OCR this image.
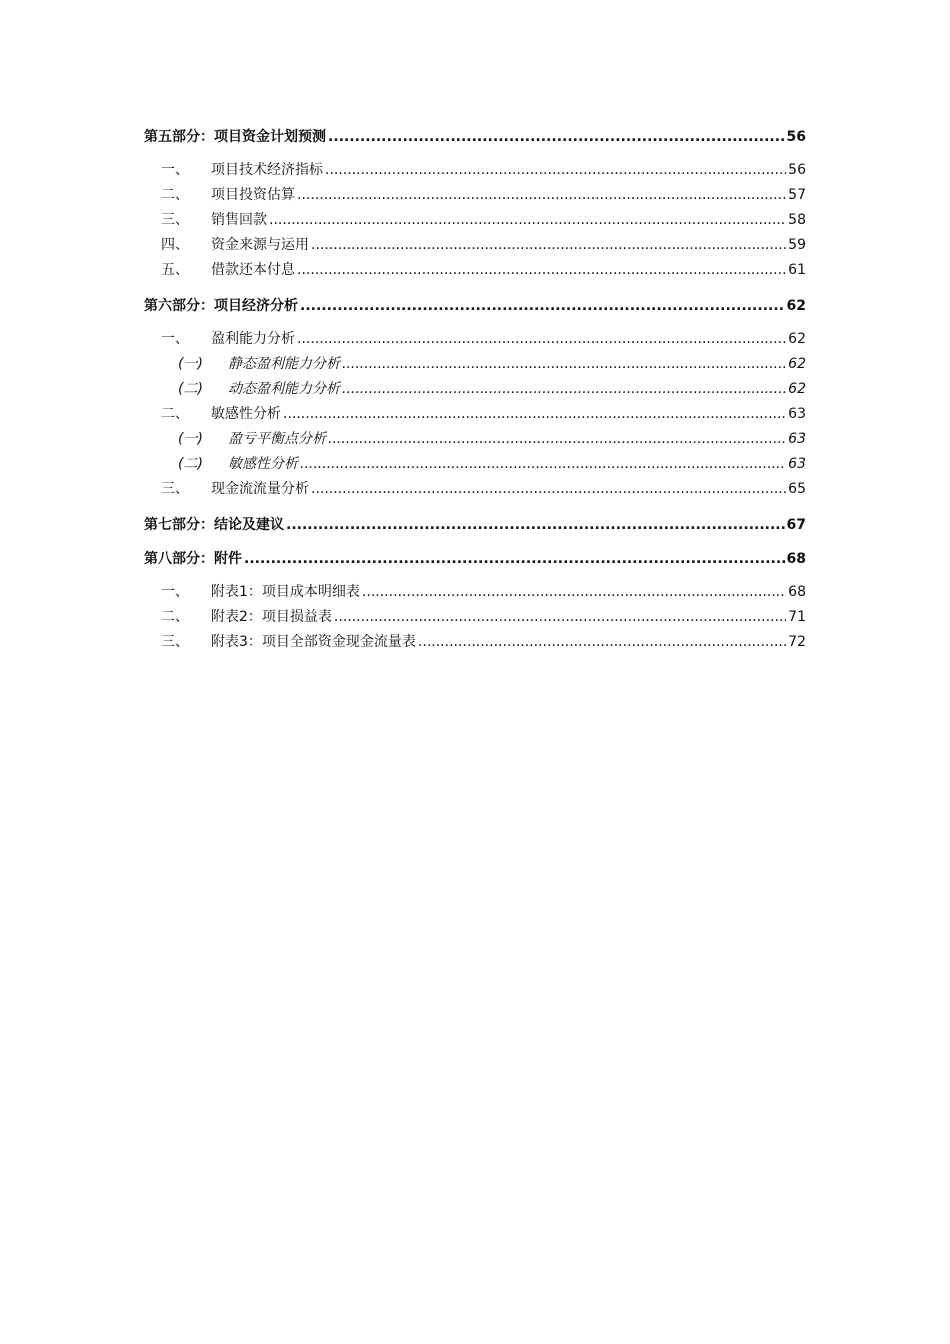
第五部分：项目资金计划预测 .....	56
一、	项目技术经济指标 .....	56
二、	项目投资估算 .....	57
三、	销售回款 .....	58
四、	资金来源与运用 .....	59
五、	借款还本付息 .....	61
第六部分：项目经济分析 .....	62
一、	盈利能力分析 .....	62
(一)	静态盈利能力分析 .....	62
(二)	动态盈利能力分析 .....	62
二、	敏感性分析 .....	63
(一)	盈亏平衡点分析 .....	63
(二)	敏感性分析 .....	63
三、	现金流流量分析 .....	65
第七部分：结论及建议 .....	67
第八部分：附件 .....	68
一、	附表1：项目成本明细表 .....	68
二、	附表2：项目损益表 .....	71
三、	附表3：项目全部资金现金流量表 .....	72
